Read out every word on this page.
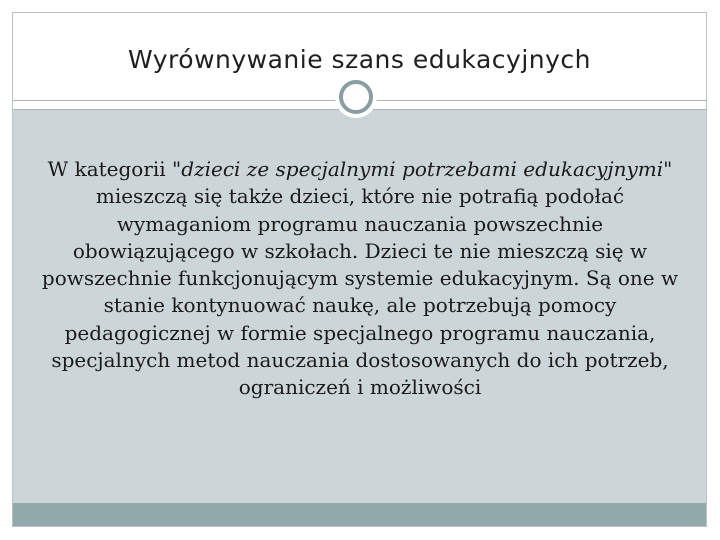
Wyrównywanie szans edukacyjnych

W kategorii "dzieci ze specjalnymi potrzebami edukacyjnymi" mieszczą się także dzieci, które nie potrafią podołać wymaganiom programu nauczania powszechnie obowiązującego w szkołach. Dzieci te nie mieszczą się w powszechnie funkcjonującym systemie edukacyjnym. Są one w stanie kontynuować naukę, ale potrzebują pomocy pedagogicznej w formie specjalnego programu nauczania, specjalnych metod nauczania dostosowanych do ich potrzeb, ograniczeń i możliwości
